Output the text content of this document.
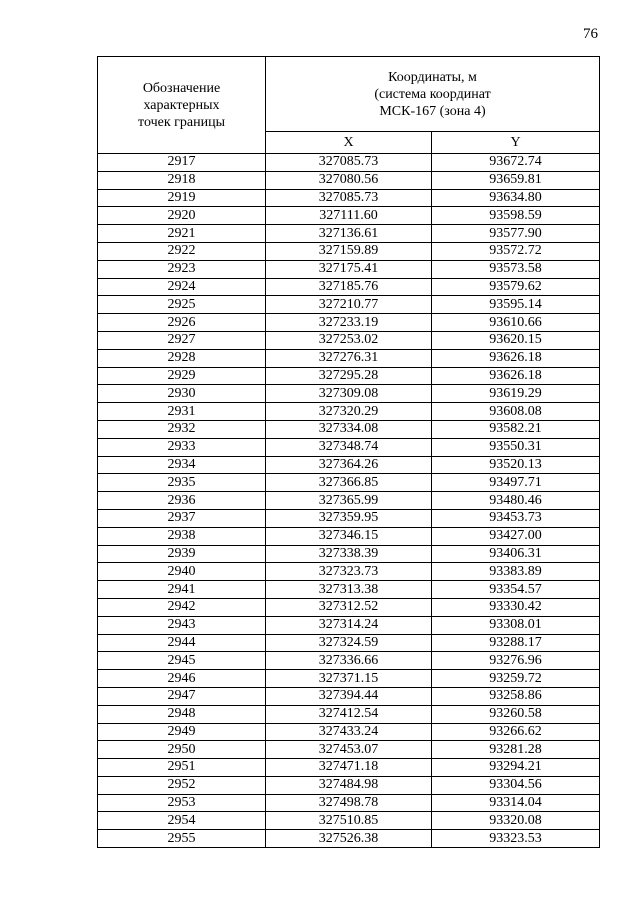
76
Обозначение
характерных
точек границы	Координаты, м
(система координат
МСК-167 (зона 4)	

	X	Y
2917	327085.73	93672.74
2918	327080.56	93659.81
2919	327085.73	93634.80
2920	327111.60	93598.59
2921	327136.61	93577.90
2922	327159.89	93572.72
2923	327175.41	93573.58
2924	327185.76	93579.62
2925	327210.77	93595.14
2926	327233.19	93610.66
2927	327253.02	93620.15
2928	327276.31	93626.18
2929	327295.28	93626.18
2930	327309.08	93619.29
2931	327320.29	93608.08
2932	327334.08	93582.21
2933	327348.74	93550.31
2934	327364.26	93520.13
2935	327366.85	93497.71
2936	327365.99	93480.46
2937	327359.95	93453.73
2938	327346.15	93427.00
2939	327338.39	93406.31
2940	327323.73	93383.89
2941	327313.38	93354.57
2942	327312.52	93330.42
2943	327314.24	93308.01
2944	327324.59	93288.17
2945	327336.66	93276.96
2946	327371.15	93259.72
2947	327394.44	93258.86
2948	327412.54	93260.58
2949	327433.24	93266.62
2950	327453.07	93281.28
2951	327471.18	93294.21
2952	327484.98	93304.56
2953	327498.78	93314.04
2954	327510.85	93320.08
2955	327526.38	93323.53
